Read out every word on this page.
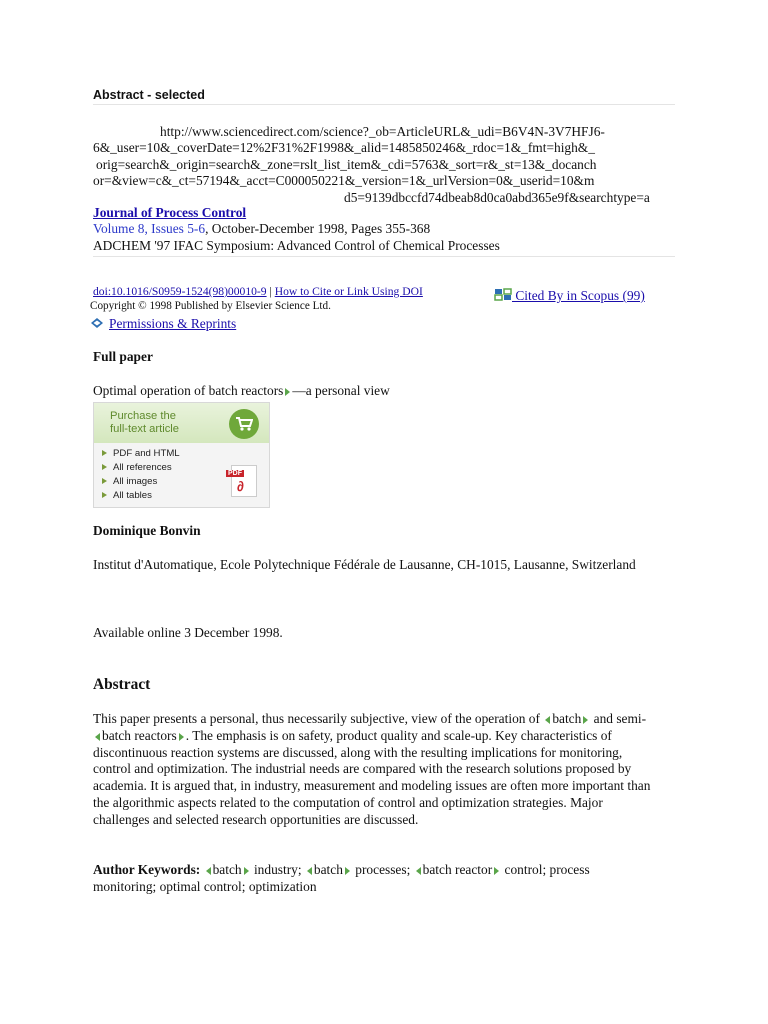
Abstract - selected
http://www.sciencedirect.com/science?_ob=ArticleURL&_udi=B6V4N-3V7HFJ6-
6&_user=10&_coverDate=12%2F31%2F1998&_alid=1485850246&_rdoc=1&_fmt=high&_
orig=search&_origin=search&_zone=rslt_list_item&_cdi=5763&_sort=r&_st=13&_docanch
or=&view=c&_ct=57194&_acct=C000050221&_version=1&_urlVersion=0&_userid=10&m
d5=9139dbccfd74dbeab8d0ca0abd365e9f&searchtype=a
Journal of Process Control
Volume 8, Issues 5-6, October-December 1998, Pages 355-368
ADCHEM '97 IFAC Symposium: Advanced Control of Chemical Processes
doi:10.1016/S0959-1524(98)00010-9 | How to Cite or Link Using DOI	Cited By in Scopus (99)
Copyright © 1998 Published by Elsevier Science Ltd.
Permissions & Reprints
Full paper
Optimal operation of batch reactors —a personal view
Purchase the
full-text article
PDF and HTML
All references
All images
All tables
PDF
∂
Dominique Bonvin
Institut d'Automatique, Ecole Polytechnique Fédérale de Lausanne, CH-1015, Lausanne, Switzerland
Available online 3 December 1998.
Abstract
This paper presents a personal, thus necessarily subjective, view of the operation of batch and semi-batch reactors . The emphasis is on safety, product quality and scale-up. Key characteristics of discontinuous reaction systems are discussed, along with the resulting implications for monitoring, control and optimization. The industrial needs are compared with the research solutions proposed by academia. It is argued that, in industry, measurement and modeling issues are often more important than the algorithmic aspects related to the computation of control and optimization strategies. Major challenges and selected research opportunities are discussed.
Author Keywords: batch industry; batch processes; batch reactor control; process monitoring; optimal control; optimization
